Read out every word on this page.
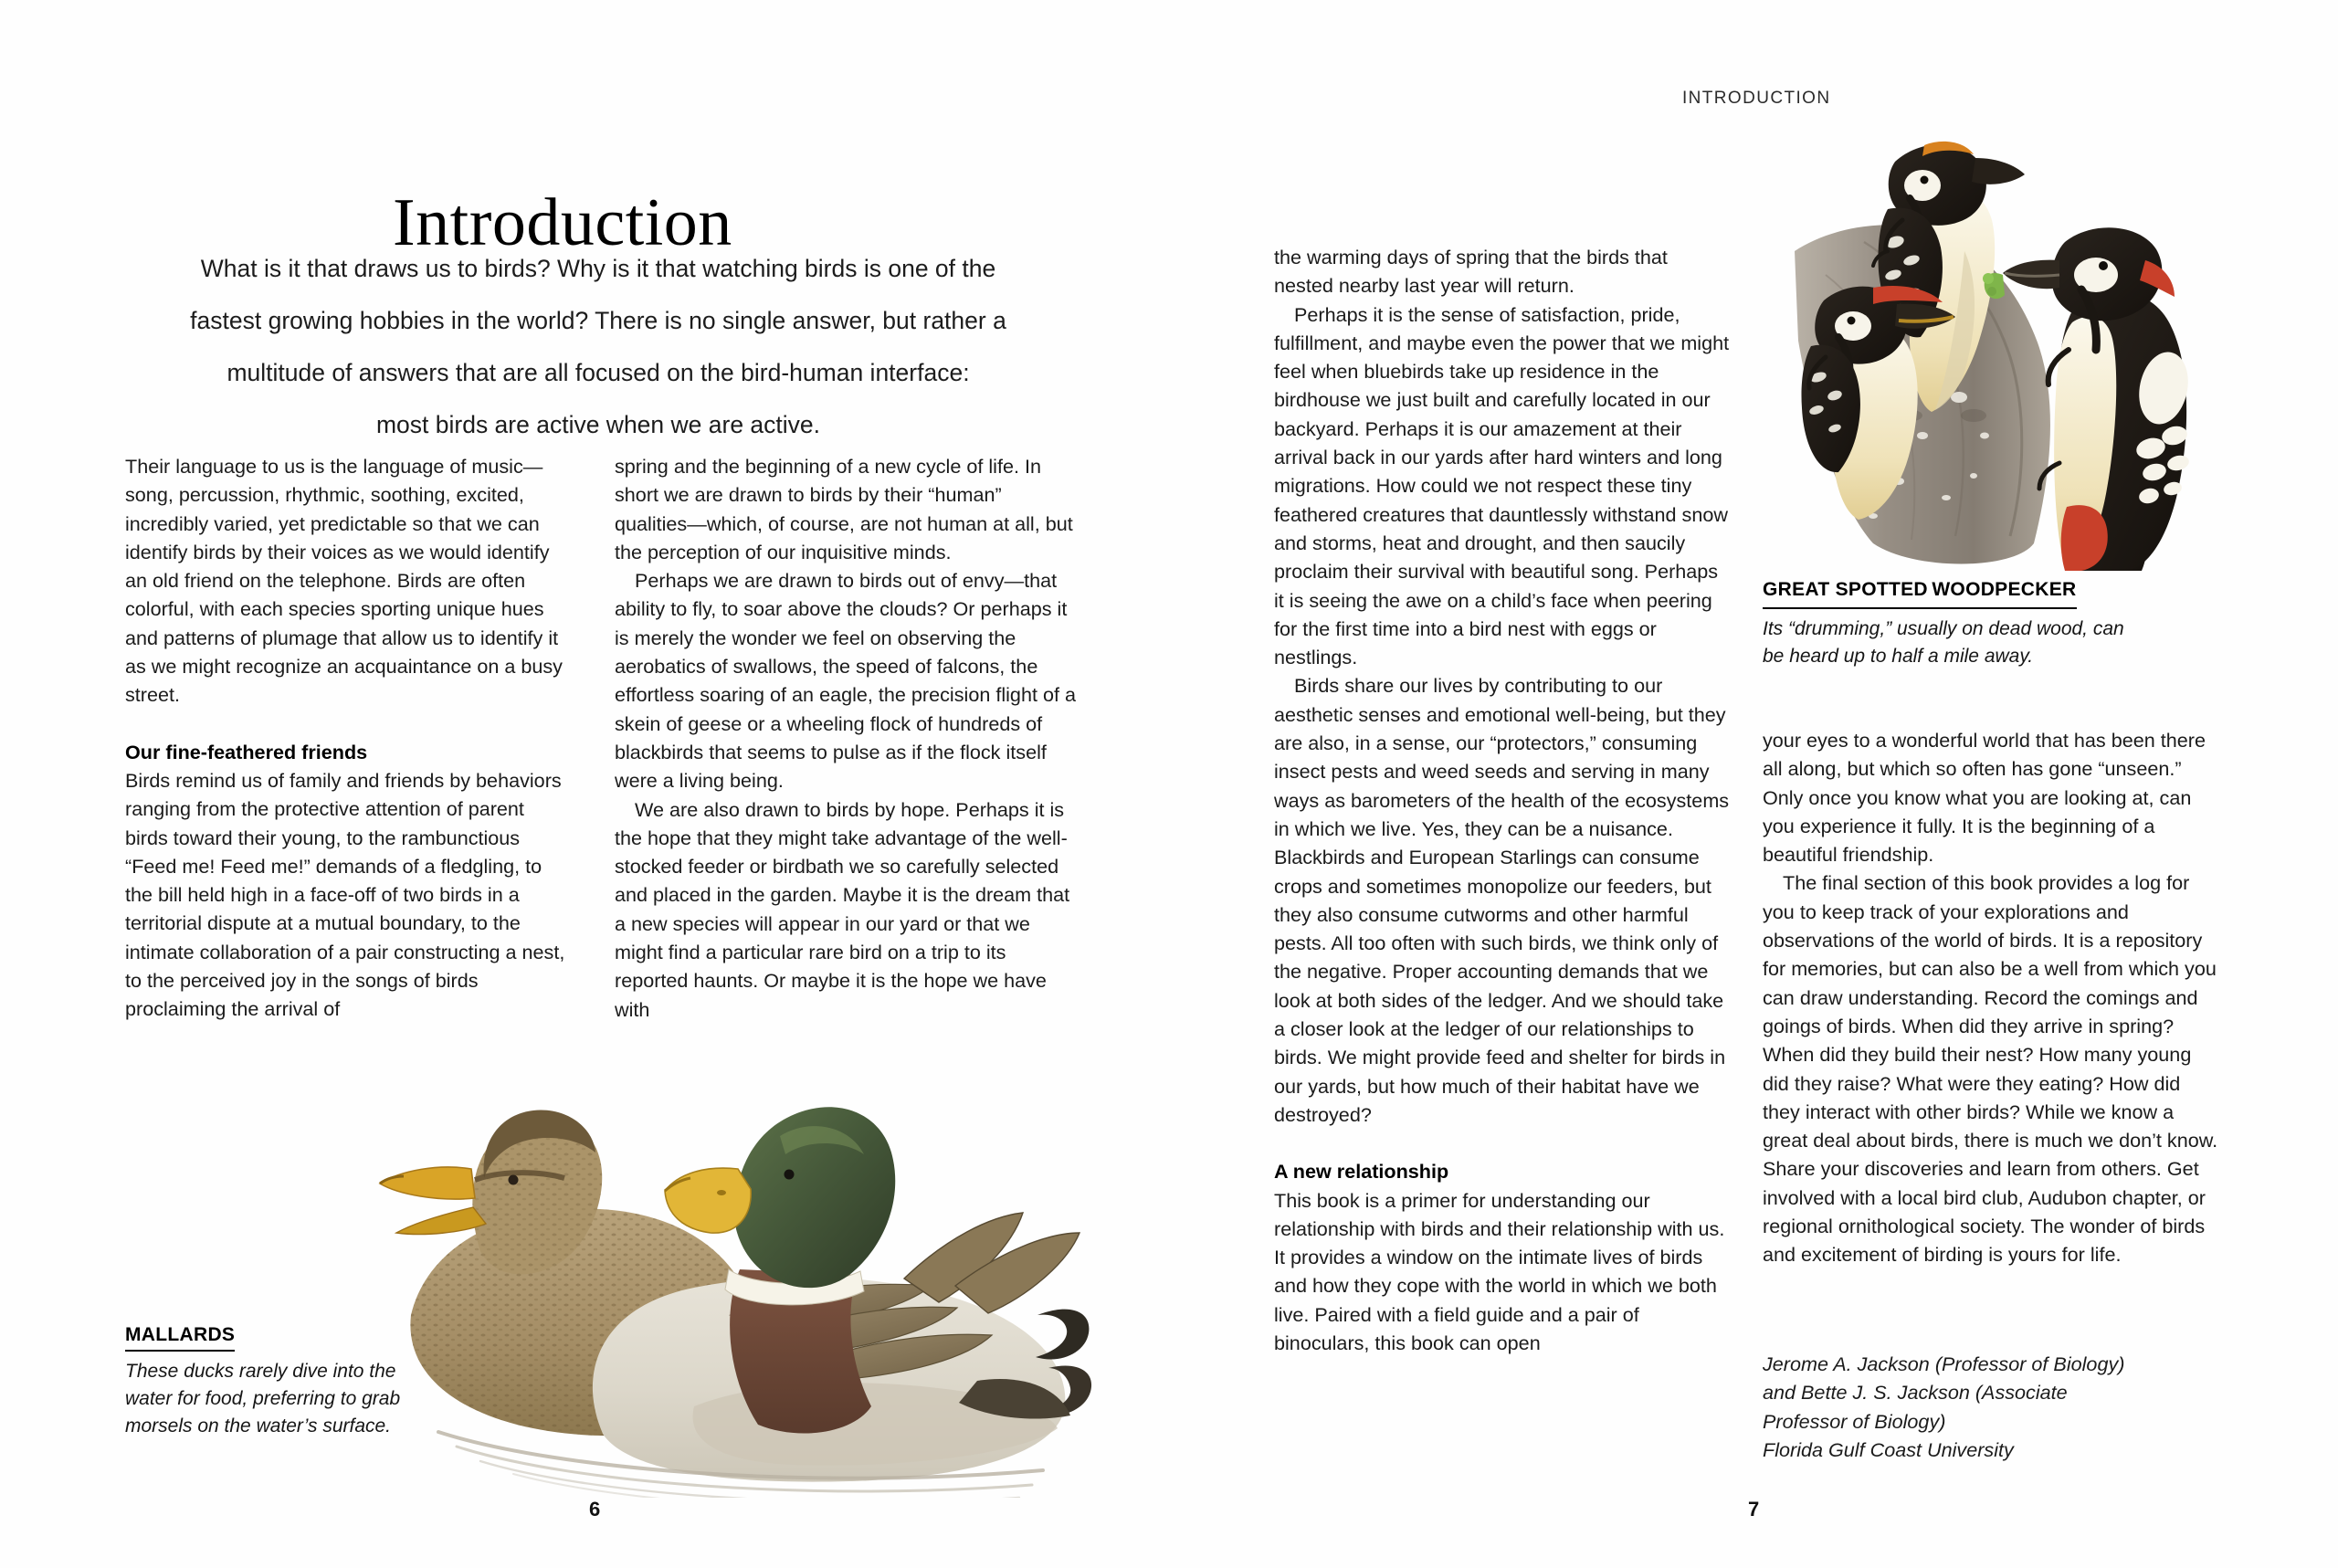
INTRODUCTION
Introduction
What is it that draws us to birds? Why is it that watching birds is one of the
fastest growing hobbies in the world? There is no single answer, but rather a
multitude of answers that are all focused on the bird-human interface:
most birds are active when we are active.

Their language to us is the language of music—song, percussion, rhythmic, soothing, excited, incredibly varied, yet predictable so that we can identify birds by their voices as we would identify an old friend on the telephone. Birds are often colorful, with each species sporting unique hues and patterns of plumage that allow us to identify it as we might recognize an acquaintance on a busy street.

Our fine-feathered friends

Birds remind us of family and friends by behaviors ranging from the protective attention of parent birds toward their young, to the rambunctious “Feed me! Feed me!” demands of a fledgling, to the bill held high in a face-off of two birds in a territorial dispute at a mutual boundary, to the intimate collaboration of a pair constructing a nest, to the perceived joy in the songs of birds proclaiming the arrival of

spring and the beginning of a new cycle of life. In short we are drawn to birds by their “human” qualities—which, of course, are not human at all, but the perception of our inquisitive minds.

Perhaps we are drawn to birds out of envy—that ability to fly, to soar above the clouds? Or perhaps it is merely the wonder we feel on observing the aerobatics of swallows, the speed of falcons, the effortless soaring of an eagle, the precision flight of a skein of geese or a wheeling flock of hundreds of blackbirds that seems to pulse as if the flock itself were a living being.

We are also drawn to birds by hope. Perhaps it is the hope that they might take advantage of the well-stocked feeder or birdbath we so carefully selected and placed in the garden. Maybe it is the dream that a new species will appear in our yard or that we might find a particular rare bird on a trip to its reported haunts. Or maybe it is the hope we have with

the warming days of spring that the birds that nested nearby last year will return.

Perhaps it is the sense of satisfaction, pride, fulfillment, and maybe even the power that we might feel when bluebirds take up residence in the birdhouse we just built and carefully located in our backyard. Perhaps it is our amazement at their arrival back in our yards after hard winters and long migrations. How could we not respect these tiny feathered creatures that dauntlessly withstand snow and storms, heat and drought, and then saucily proclaim their survival with beautiful song. Perhaps it is seeing the awe on a child’s face when peering for the first time into a bird nest with eggs or nestlings.

Birds share our lives by contributing to our aesthetic senses and emotional well-being, but they are also, in a sense, our “protectors,” consuming insect pests and weed seeds and serving in many ways as barometers of the health of the ecosystems in which we live. Yes, they can be a nuisance. Blackbirds and European Starlings can consume crops and sometimes monopolize our feeders, but they also consume cutworms and other harmful pests. All too often with such birds, we think only of the negative. Proper accounting demands that we look at both sides of the ledger. And we should take a closer look at the ledger of our relationships to birds. We might provide feed and shelter for birds in our yards, but how much of their habitat have we destroyed?

A new relationship

This book is a primer for understanding our relationship with birds and their relationship with us. It provides a window on the intimate lives of birds and how they cope with the world in which we both live. Paired with a field guide and a pair of binoculars, this book can open

your eyes to a wonderful world that has been there all along, but which so often has gone “unseen.” Only once you know what you are looking at, can you experience it fully. It is the beginning of a beautiful friendship.

The final section of this book provides a log for you to keep track of your explorations and observations of the world of birds. It is a repository for memories, but can also be a well from which you can draw understanding. Record the comings and goings of birds. When did they arrive in spring? When did they build their nest? How many young did they raise? What were they eating? How did they interact with other birds? While we know a great deal about birds, there is much we don’t know. Share your discoveries and learn from others. Get involved with a local bird club, Audubon chapter, or regional ornithological society. The wonder of birds and excitement of birding is yours for life.

Jerome A. Jackson (Professor of Biology)
and Bette J. S. Jackson (Associate
Professor of Biology)
Florida Gulf Coast University
MALLARDS
These ducks rarely dive into the water for food, preferring to grab morsels on the water’s surface.
GREAT SPOTTED WOODPECKER
Its “drumming,” usually on dead wood, can be heard up to half a mile away.
6	7
